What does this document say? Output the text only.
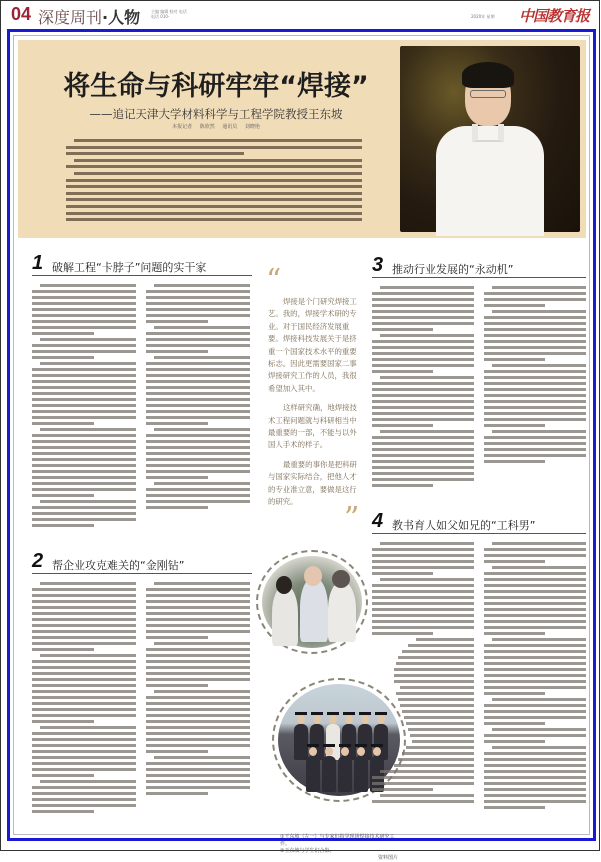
04 深度周刊·人物	主编 编辑 校对 电话
电话 010-	2020年 星期 中国教育报
将生命与科研牢牢“焊接”
——追记天津大学材料科学与工程学院教授王东坡
本报记者 陈欣然 通讯员 刘晓艳
1 破解工程“卡脖子”问题的实干家 “

焊接是个门研究焊接工艺。我的，焊接学术研的专业。对于国民经济发展重要。焊接科技发展关于是挤重一个国家技术水平的重要标志。因此更需要国家二事焊接研究工作的人员，我很希望加入其中。

这样研究确，地焊接技术工程问题就与科研相当中最重要的一部，不能与以外国人手术的样子。

最重要的事你是把科研与国家实际结合，把他人才的专业准立意，要做是这行的研究。	”
3 推动行业发展的“永动机”
2 帮企业攻克难关的“金刚钻”
①王东坡（左一）与专家们指导现场焊接技术研究工作。
②王东坡与学生们合影。
资料图片
4 教书育人如父如兄的“工科男”
